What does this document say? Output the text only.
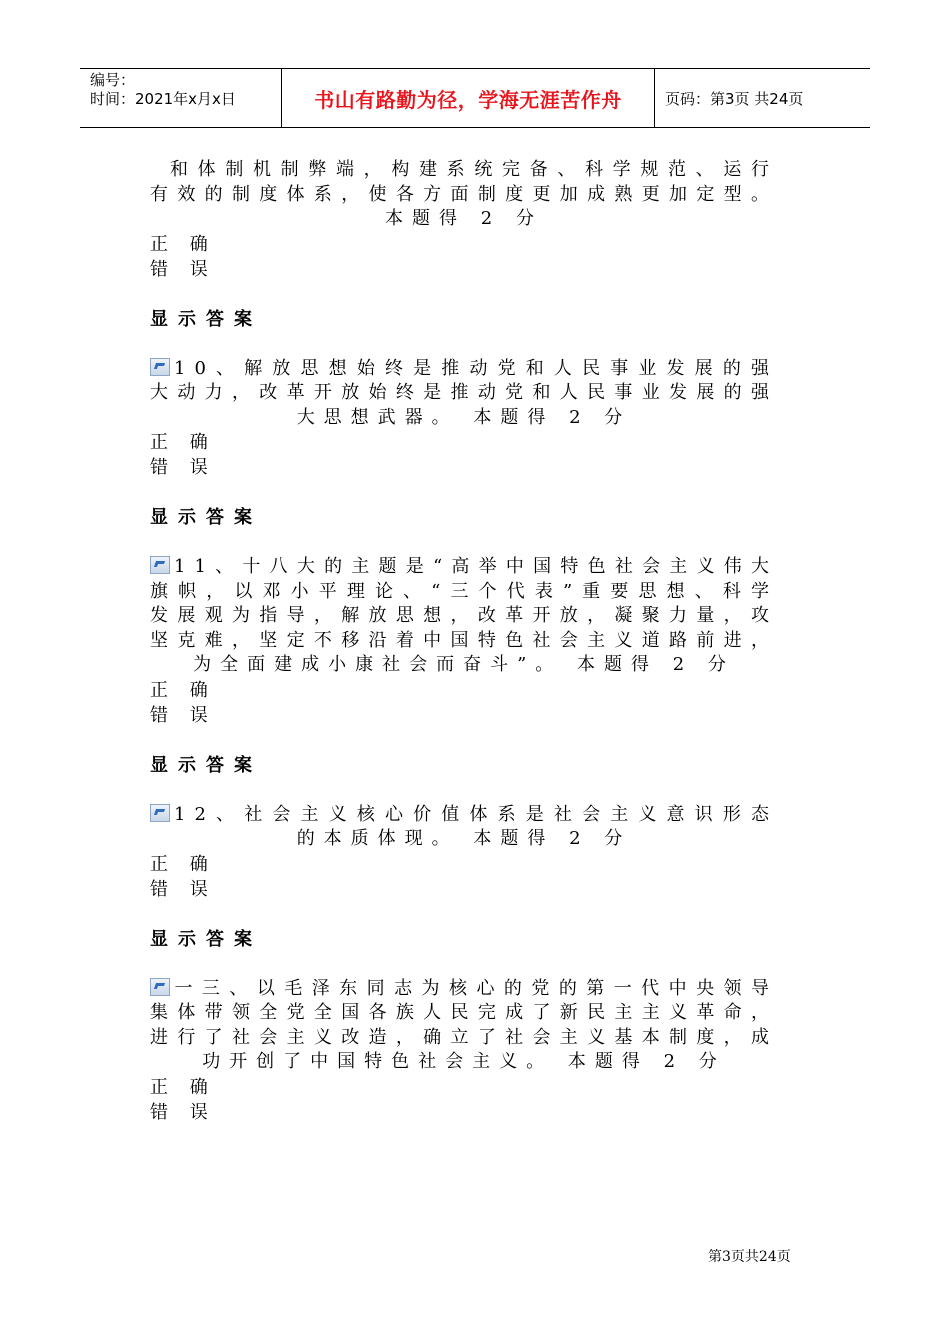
编号：
时间：2021年x月x日	书山有路勤为径，学海无涯苦作舟	页码：第3页 共24页
和体制机制弊端，构建系统完备、科学规范、运行有效的制度体系，使各方面制度更加成熟更加定型。 本题得 2 分
正 确
错 误
显示答案
10、解放思想始终是推动党和人民事业发展的强大动力，改革开放始终是推动党和人民事业发展的强大思想武器。 本题得 2 分
正 确
错 误
显示答案
11、十八大的主题是“高举中国特色社会主义伟大旗帜，以邓小平理论、“三个代表”重要思想、科学发展观为指导，解放思想，改革开放，凝聚力量，攻坚克难，坚定不移沿着中国特色社会主义道路前进，为全面建成小康社会而奋斗”。 本题得 2 分
正 确
错 误
显示答案
12、社会主义核心价值体系是社会主义意识形态的本质体现。 本题得 2 分
正 确
错 误
显示答案
一三、以毛泽东同志为核心的党的第一代中央领导集体带领全党全国各族人民完成了新民主主义革命，进行了社会主义改造，确立了社会主义基本制度，成功开创了中国特色社会主义。 本题得 2 分
正 确
错 误
第3页共24页
